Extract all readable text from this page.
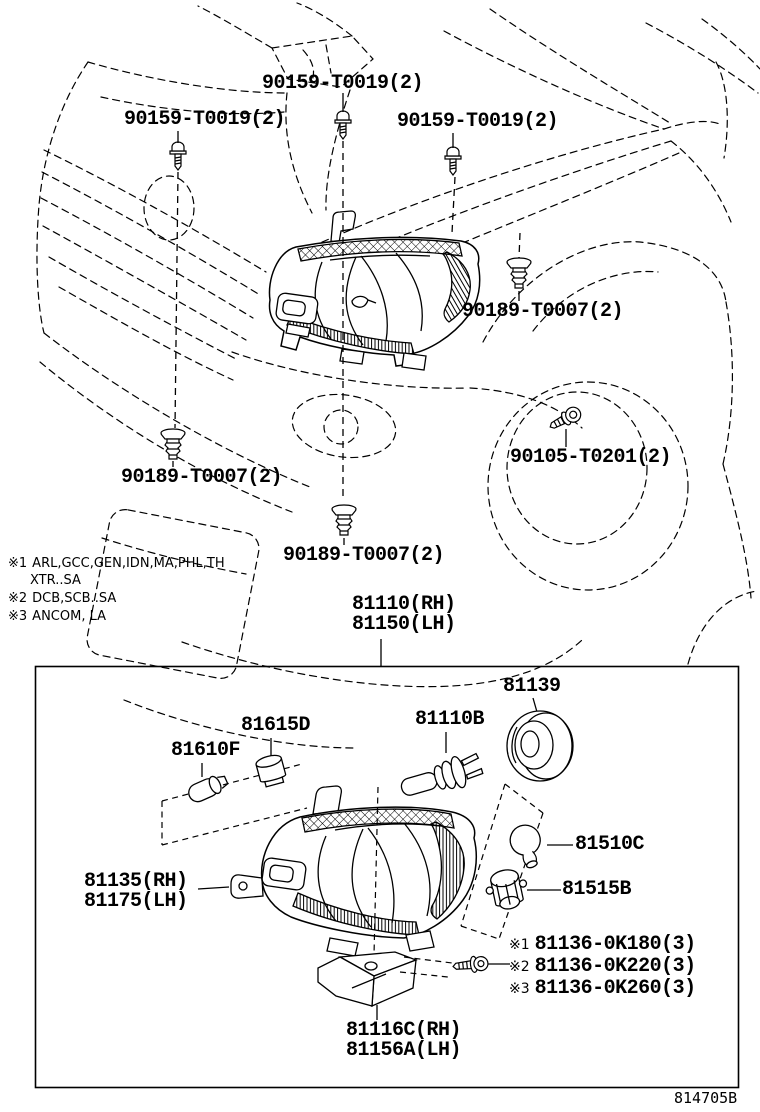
90159-T0019(2)
90159-T0019(2)	90159-T0019(2)
90189-T0007(2)
90105-T0201(2)
90189-T0007(2)
90189-T0007(2)
81110(RH)
81150(LH)
81139
81110B
81615D
81610F
81510C
81515B
81135(RH)
81175(LH)
※1 81136-0K180(3)
※2 81136-0K220(3)
※3 81136-0K260(3)
81116C(RH)
81156A(LH)
※1 ARL,GCC,GEN,IDN,MA,PHL,TH
XTR..SA
※2 DCB,SCB..SA
※3 ANCOM, LA
814705B
